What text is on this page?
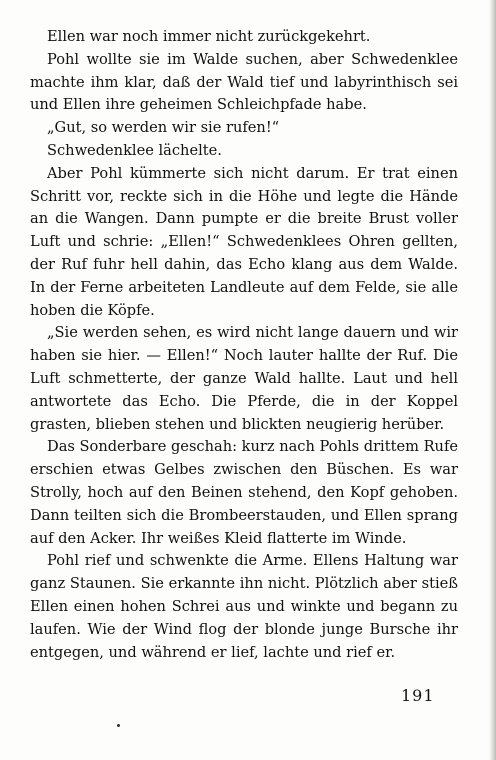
Ellen war noch immer nicht zurückgekehrt.

Pohl wollte sie im Walde suchen, aber Schwedenklee machte ihm klar, daß der Wald tief und labyrinthisch sei und Ellen ihre geheimen Schleichpfade habe.

„Gut, so werden wir sie rufen!“

Schwedenklee lächelte.

Aber Pohl kümmerte sich nicht darum. Er trat einen Schritt vor, reckte sich in die Höhe und legte die Hände an die Wangen. Dann pumpte er die breite Brust voller Luft und schrie: „Ellen!“ Schwedenklees Ohren gellten, der Ruf fuhr hell dahin, das Echo klang aus dem Walde. In der Ferne arbeiteten Landleute auf dem Felde, sie alle hoben die Köpfe.

„Sie werden sehen, es wird nicht lange dauern und wir haben sie hier. — Ellen!“ Noch lauter hallte der Ruf. Die Luft schmetterte, der ganze Wald hallte. Laut und hell antwortete das Echo. Die Pferde, die in der Koppel grasten, blieben stehen und blickten neugierig herüber.

Das Sonderbare geschah: kurz nach Pohls drittem Rufe erschien etwas Gelbes zwischen den Büschen. Es war Strolly, hoch auf den Beinen stehend, den Kopf gehoben. Dann teilten sich die Brombeerstauden, und Ellen sprang auf den Acker. Ihr weißes Kleid flatterte im Winde.

Pohl rief und schwenkte die Arme. Ellens Haltung war ganz Staunen. Sie erkannte ihn nicht. Plötzlich aber stieß Ellen einen hohen Schrei aus und winkte und begann zu laufen. Wie der Wind flog der blonde junge Bursche ihr entgegen, und während er lief, lachte und rief er.

191
